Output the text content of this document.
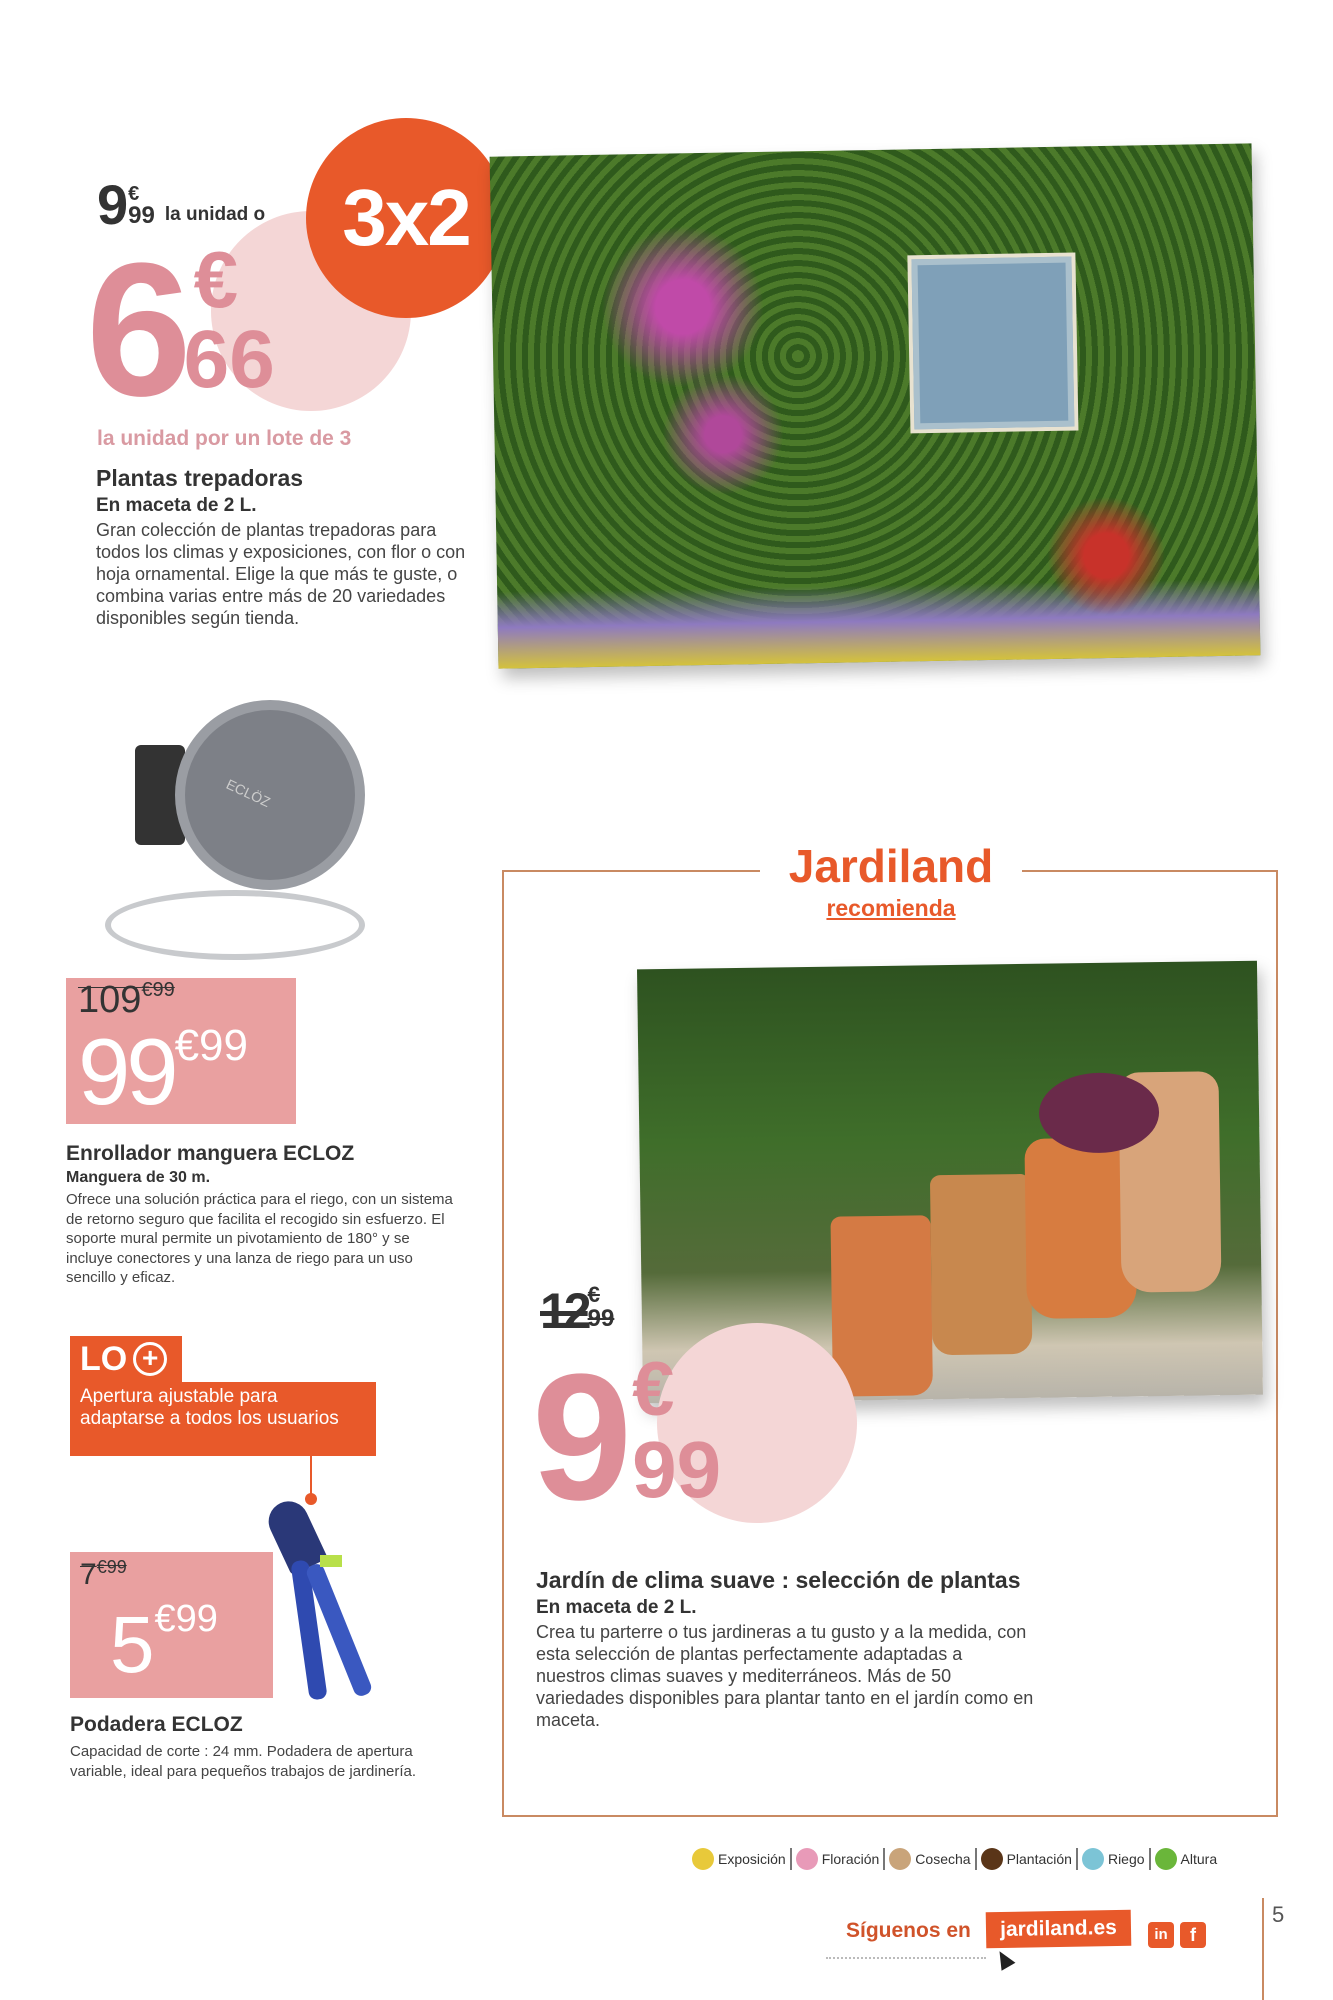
3x2
9 €
99 la unidad o
6 €
66
la unidad por un lote de 3
Plantas trepadoras
En maceta de 2 L.
Gran colección de plantas trepadoras para todos los climas y exposiciones, con flor o con hoja ornamental. Elige la que más te guste, o combina varias entre más de 20 variedades disponibles según tienda.
ECLÖZ
109€99
99€99
Enrollador manguera ECLOZ
Manguera de 30 m.
Ofrece una solución práctica para el riego, con un sistema de retorno seguro que facilita el recogido sin esfuerzo. El soporte mural permite un pivotamiento de 180° y se incluye conectores y una lanza de riego para un uso sencillo y eficaz.
LO +
Apertura ajustable para adaptarse a todos los usuarios
7€99
5€99
Podadera ECLOZ
Capacidad de corte : 24 mm. Podadera de apertura variable, ideal para pequeños trabajos de jardinería.
Jardiland
recomienda
12 €
99
9 €
99
Jardín de clima suave : selección de plantas
En maceta de 2 L.
Crea tu parterre o tus jardineras a tu gusto y a la medida, con esta selección de plantas perfectamente adaptadas a nuestros climas suaves y mediterráneos. Más de 50 variedades disponibles para plantar tanto en el jardín como en maceta.
Exposición	Floración	Cosecha	Plantación	Riego	Altura
Síguenos en	jardiland.es	in	f
5
